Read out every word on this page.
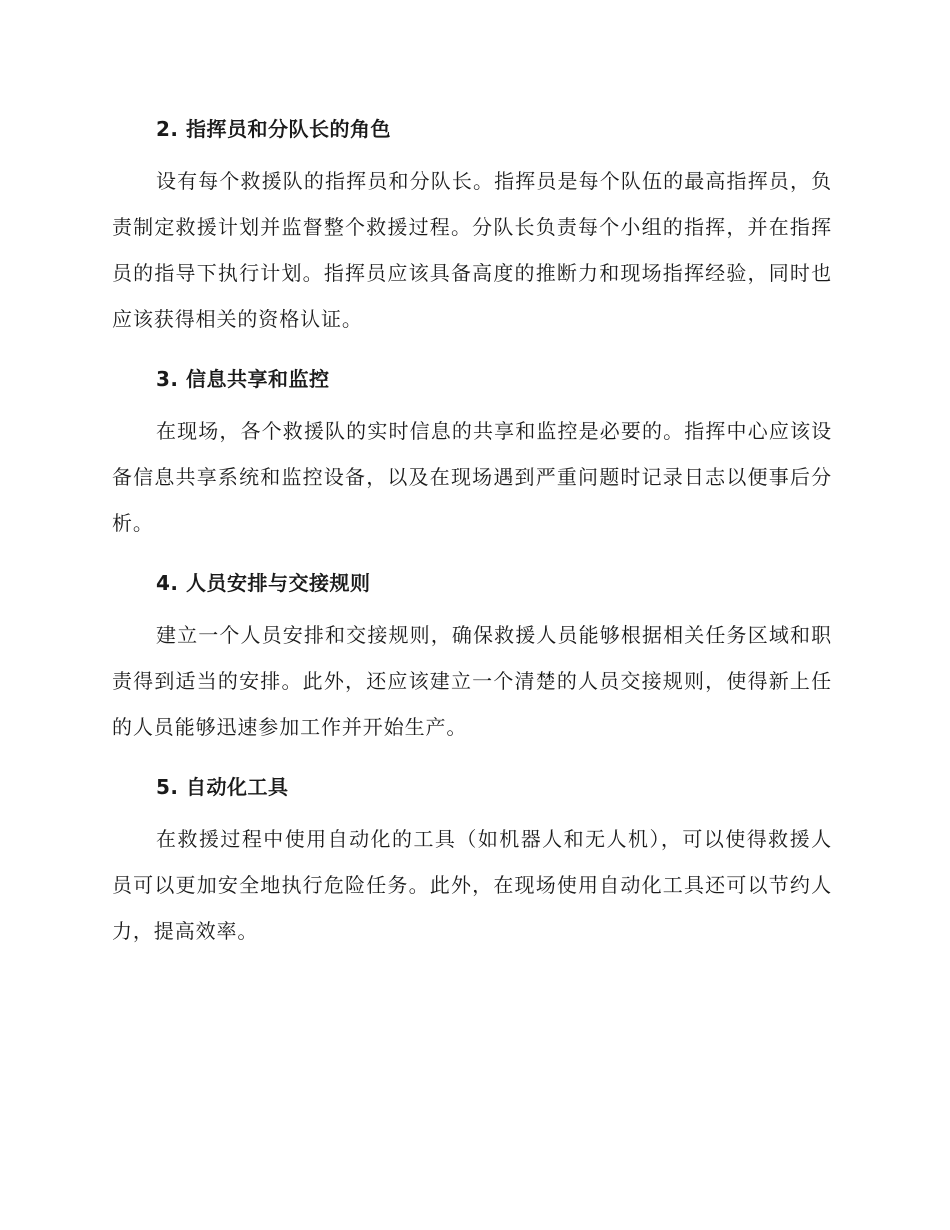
2. 指挥员和分队长的角色

设有每个救援队的指挥员和分队长。指挥员是每个队伍的最高指挥员，负责制定救援计划并监督整个救援过程。分队长负责每个小组的指挥，并在指挥员的指导下执行计划。指挥员应该具备高度的推断力和现场指挥经验，同时也应该获得相关的资格认证。

3. 信息共享和监控

在现场，各个救援队的实时信息的共享和监控是必要的。指挥中心应该设备信息共享系统和监控设备，以及在现场遇到严重问题时记录日志以便事后分析。

4. 人员安排与交接规则

建立一个人员安排和交接规则，确保救援人员能够根据相关任务区域和职责得到适当的安排。此外，还应该建立一个清楚的人员交接规则，使得新上任的人员能够迅速参加工作并开始生产。

5. 自动化工具

在救援过程中使用自动化的工具（如机器人和无人机），可以使得救援人员可以更加安全地执行危险任务。此外，在现场使用自动化工具还可以节约人力，提高效率。
